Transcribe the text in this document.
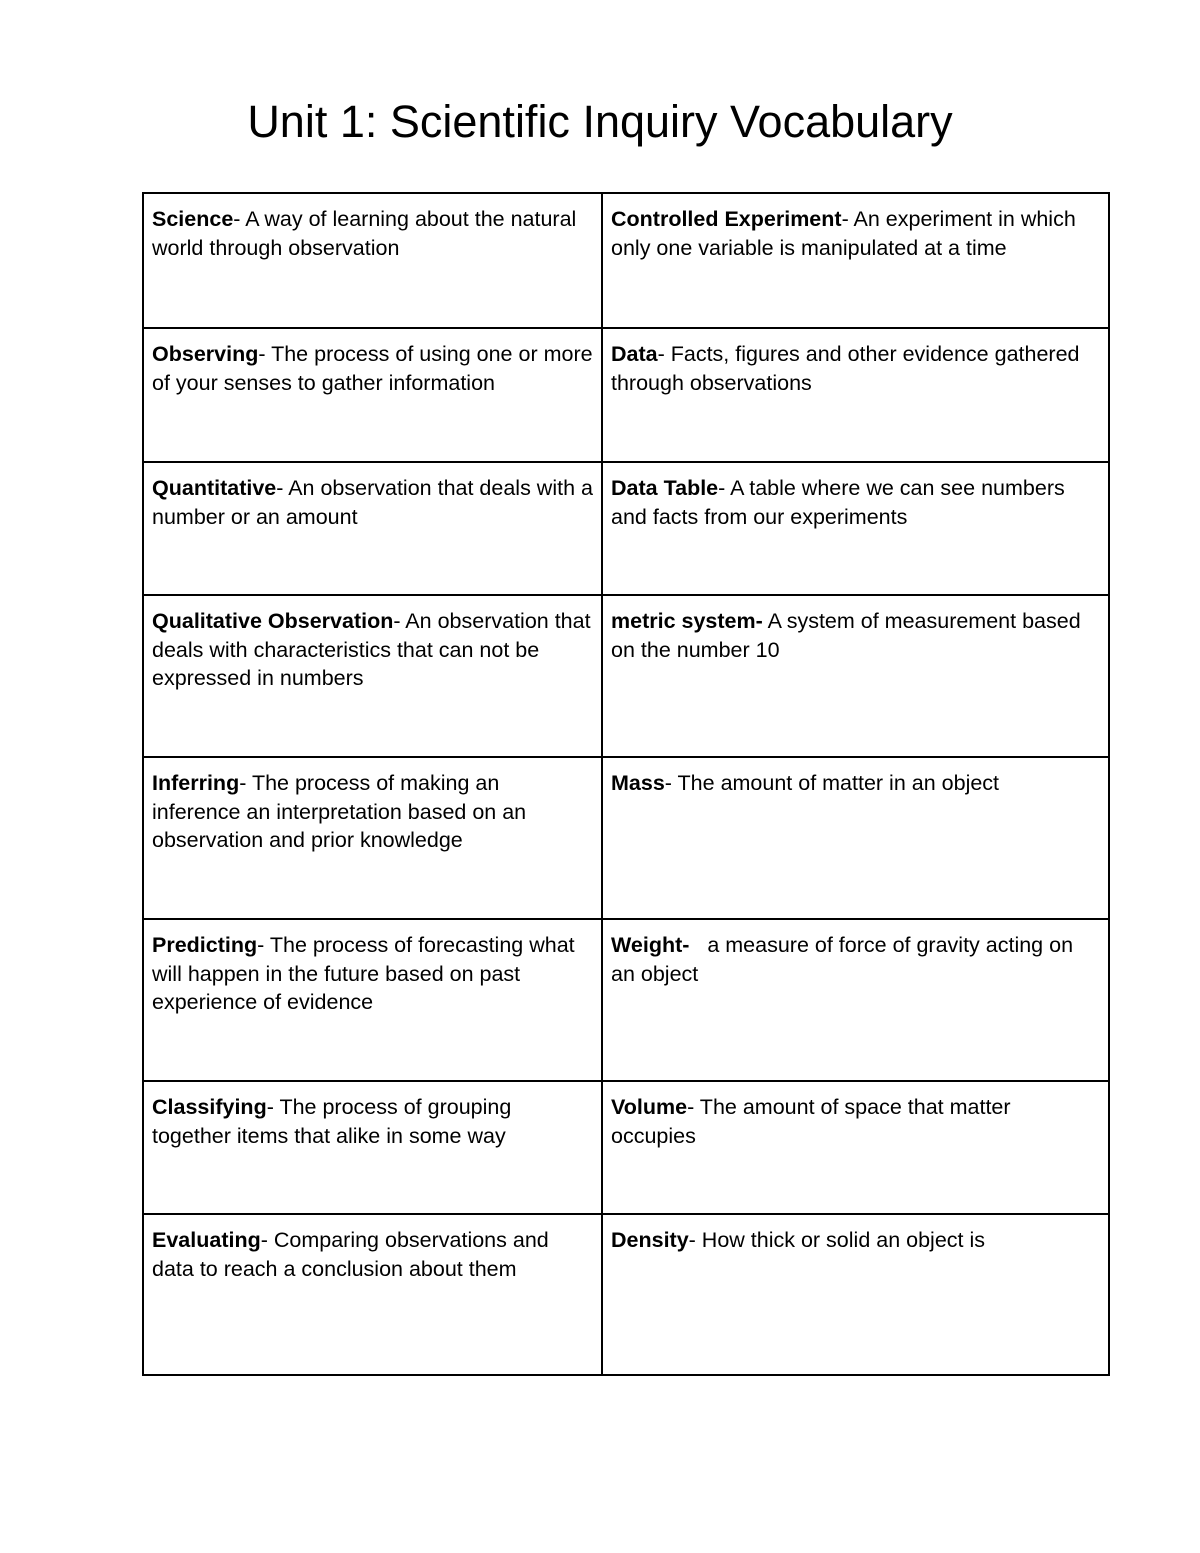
Unit 1: Scientific Inquiry Vocabulary
Science- A way of learning about the natural world through observation	Controlled Experiment- An experiment in which only one variable is manipulated at a time
Observing- The process of using one or more of your senses to gather information	Data- Facts, figures and other evidence gathered through observations
Quantitative- An observation that deals with a number or an amount	Data Table- A table where we can see numbers and facts from our experiments
Qualitative Observation- An observation that deals with characteristics that can not be expressed in numbers	metric system- A system of measurement based on the number 10
Inferring- The process of making an inference an interpretation based on an observation and prior knowledge	Mass- The amount of matter in an object
Predicting- The process of forecasting what will happen in the future based on past experience of evidence	Weight-   a measure of force of gravity acting on an object
Classifying- The process of grouping together items that alike in some way	Volume- The amount of space that matter occupies
Evaluating- Comparing observations and data to reach a conclusion about them	Density- How thick or solid an object is
